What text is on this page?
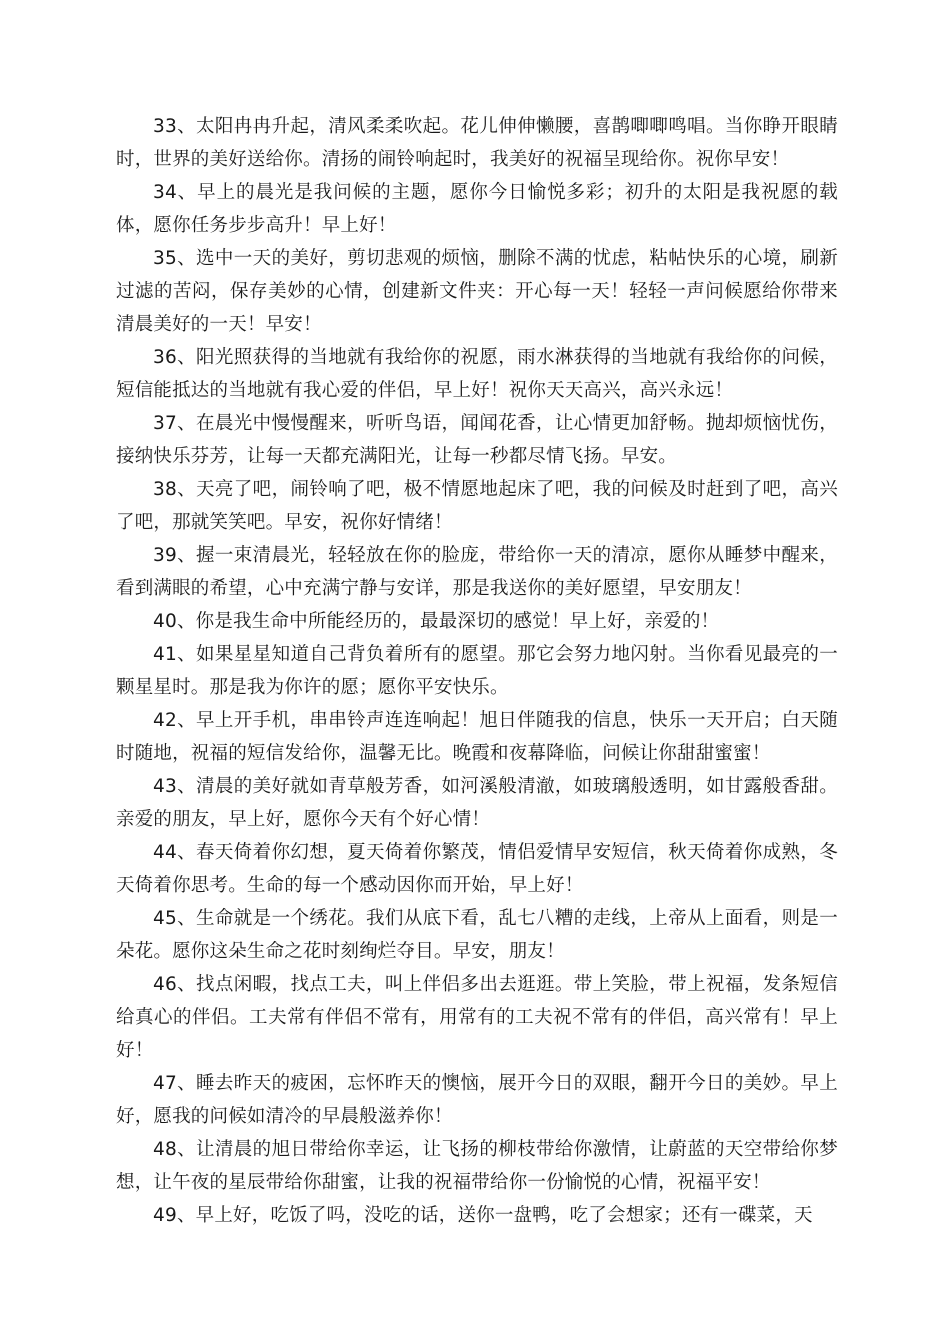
33、太阳冉冉升起，清风柔柔吹起。花儿伸伸懒腰，喜鹊唧唧鸣唱。当你睁开眼睛时，世界的美好送给你。清扬的闹铃响起时，我美好的祝福呈现给你。祝你早安！

34、早上的晨光是我问候的主题，愿你今日愉悦多彩；初升的太阳是我祝愿的载体，愿你任务步步高升！早上好！

35、选中一天的美好，剪切悲观的烦恼，删除不满的忧虑，粘帖快乐的心境，刷新过滤的苦闷，保存美妙的心情，创建新文件夹：开心每一天！轻轻一声问候愿给你带来清晨美好的一天！早安！

36、阳光照获得的当地就有我给你的祝愿，雨水淋获得的当地就有我给你的问候，短信能抵达的当地就有我心爱的伴侣，早上好！祝你天天高兴，高兴永远！

37、在晨光中慢慢醒来，听听鸟语，闻闻花香，让心情更加舒畅。抛却烦恼忧伤，接纳快乐芬芳，让每一天都充满阳光，让每一秒都尽情飞扬。早安。

38、天亮了吧，闹铃响了吧，极不情愿地起床了吧，我的问候及时赶到了吧，高兴了吧，那就笑笑吧。早安，祝你好情绪！

39、握一束清晨光，轻轻放在你的脸庞，带给你一天的清凉，愿你从睡梦中醒来，看到满眼的希望，心中充满宁静与安详，那是我送你的美好愿望，早安朋友！

40、你是我生命中所能经历的，最最深切的感觉！早上好，亲爱的！

41、如果星星知道自己背负着所有的愿望。那它会努力地闪射。当你看见最亮的一颗星星时。那是我为你许的愿；愿你平安快乐。

42、早上开手机，串串铃声连连响起！旭日伴随我的信息，快乐一天开启；白天随时随地，祝福的短信发给你，温馨无比。晚霞和夜幕降临，问候让你甜甜蜜蜜！

43、清晨的美好就如青草般芳香，如河溪般清澈，如玻璃般透明，如甘露般香甜。亲爱的朋友，早上好，愿你今天有个好心情！

44、春天倚着你幻想，夏天倚着你繁茂，情侣爱情早安短信，秋天倚着你成熟，冬天倚着你思考。生命的每一个感动因你而开始，早上好！

45、生命就是一个绣花。我们从底下看，乱七八糟的走线，上帝从上面看，则是一朵花。愿你这朵生命之花时刻绚烂夺目。早安，朋友！

46、找点闲暇，找点工夫，叫上伴侣多出去逛逛。带上笑脸，带上祝福，发条短信给真心的伴侣。工夫常有伴侣不常有，用常有的工夫祝不常有的伴侣，高兴常有！早上好！

47、睡去昨天的疲困，忘怀昨天的懊恼，展开今日的双眼，翻开今日的美妙。早上好，愿我的问候如清冷的早晨般滋养你！

48、让清晨的旭日带给你幸运，让飞扬的柳枝带给你激情，让蔚蓝的天空带给你梦想，让午夜的星辰带给你甜蜜，让我的祝福带给你一份愉悦的心情，祝福平安！

49、早上好，吃饭了吗，没吃的话，送你一盘鸭，吃了会想家；还有一碟菜，天
